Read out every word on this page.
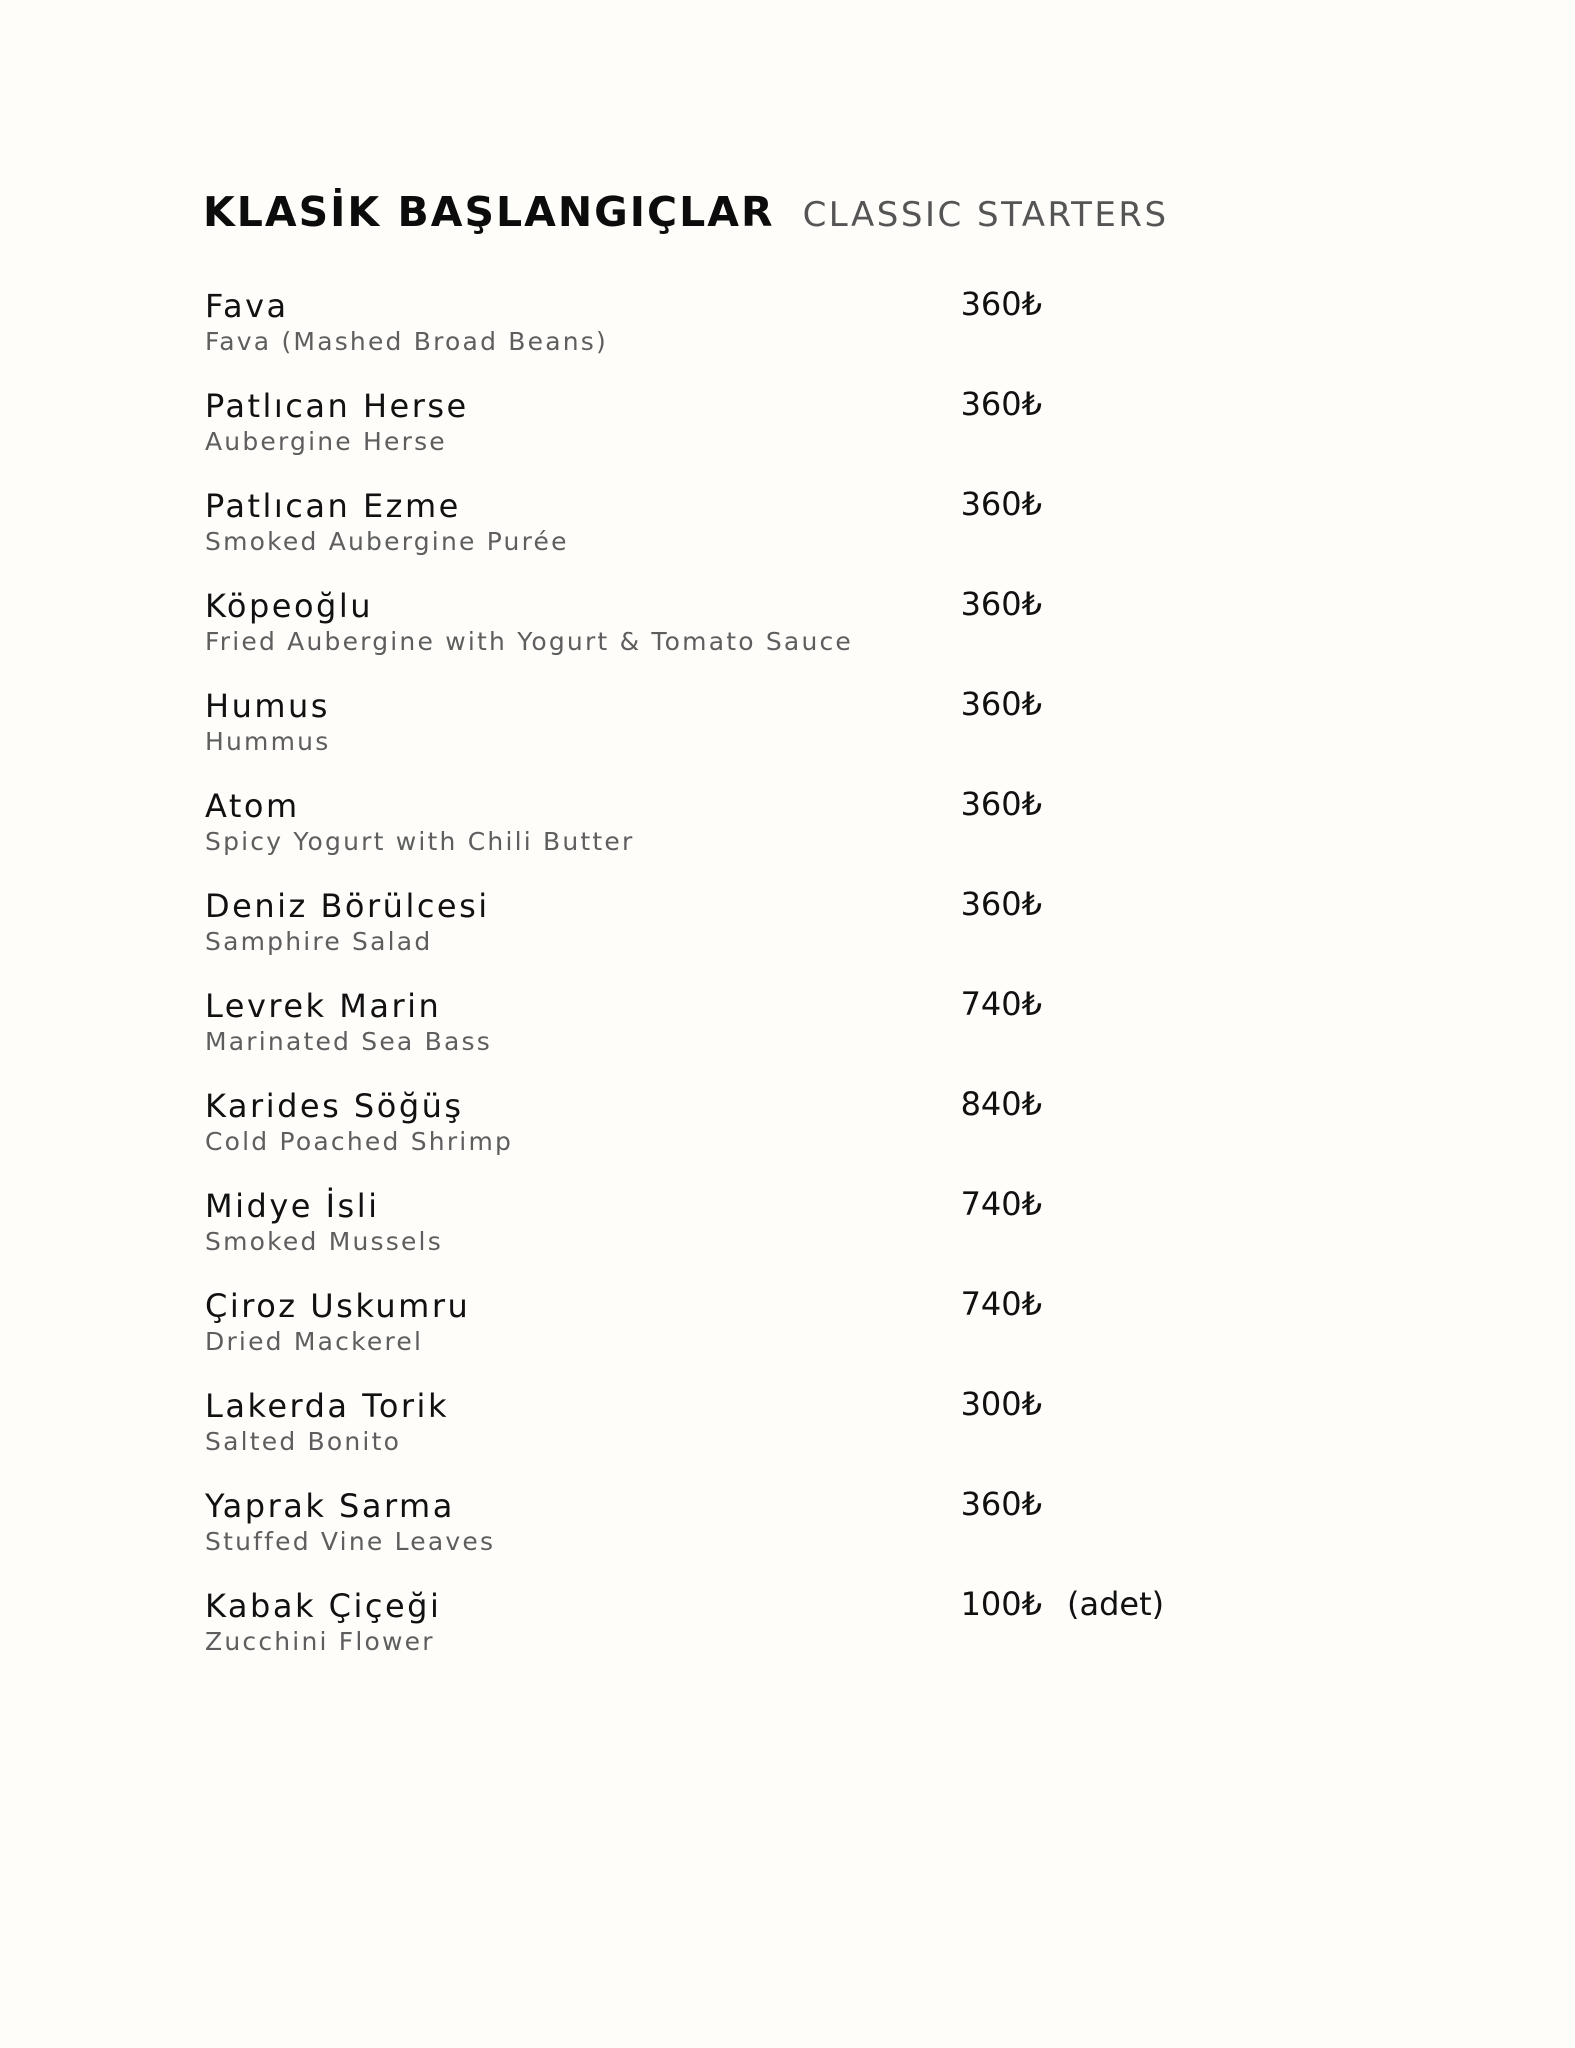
KLASİK BAŞLANGIÇLAR CLASSIC STARTERS
Fava
Fava (Mashed Broad Beans)
360₺
Patlıcan Herse
Aubergine Herse
360₺
Patlıcan Ezme
Smoked Aubergine Purée
360₺
Köpeoğlu
Fried Aubergine with Yogurt & Tomato Sauce
360₺
Humus
Hummus
360₺
Atom
Spicy Yogurt with Chili Butter
360₺
Deniz Börülcesi
Samphire Salad
360₺
Levrek Marin
Marinated Sea Bass
740₺
Karides Söğüş
Cold Poached Shrimp
840₺
Midye İsli
Smoked Mussels
740₺
Çiroz Uskumru
Dried Mackerel
740₺
Lakerda Torik
Salted Bonito
300₺
Yaprak Sarma
Stuffed Vine Leaves
360₺
Kabak Çiçeği
Zucchini Flower
100₺ (adet)
